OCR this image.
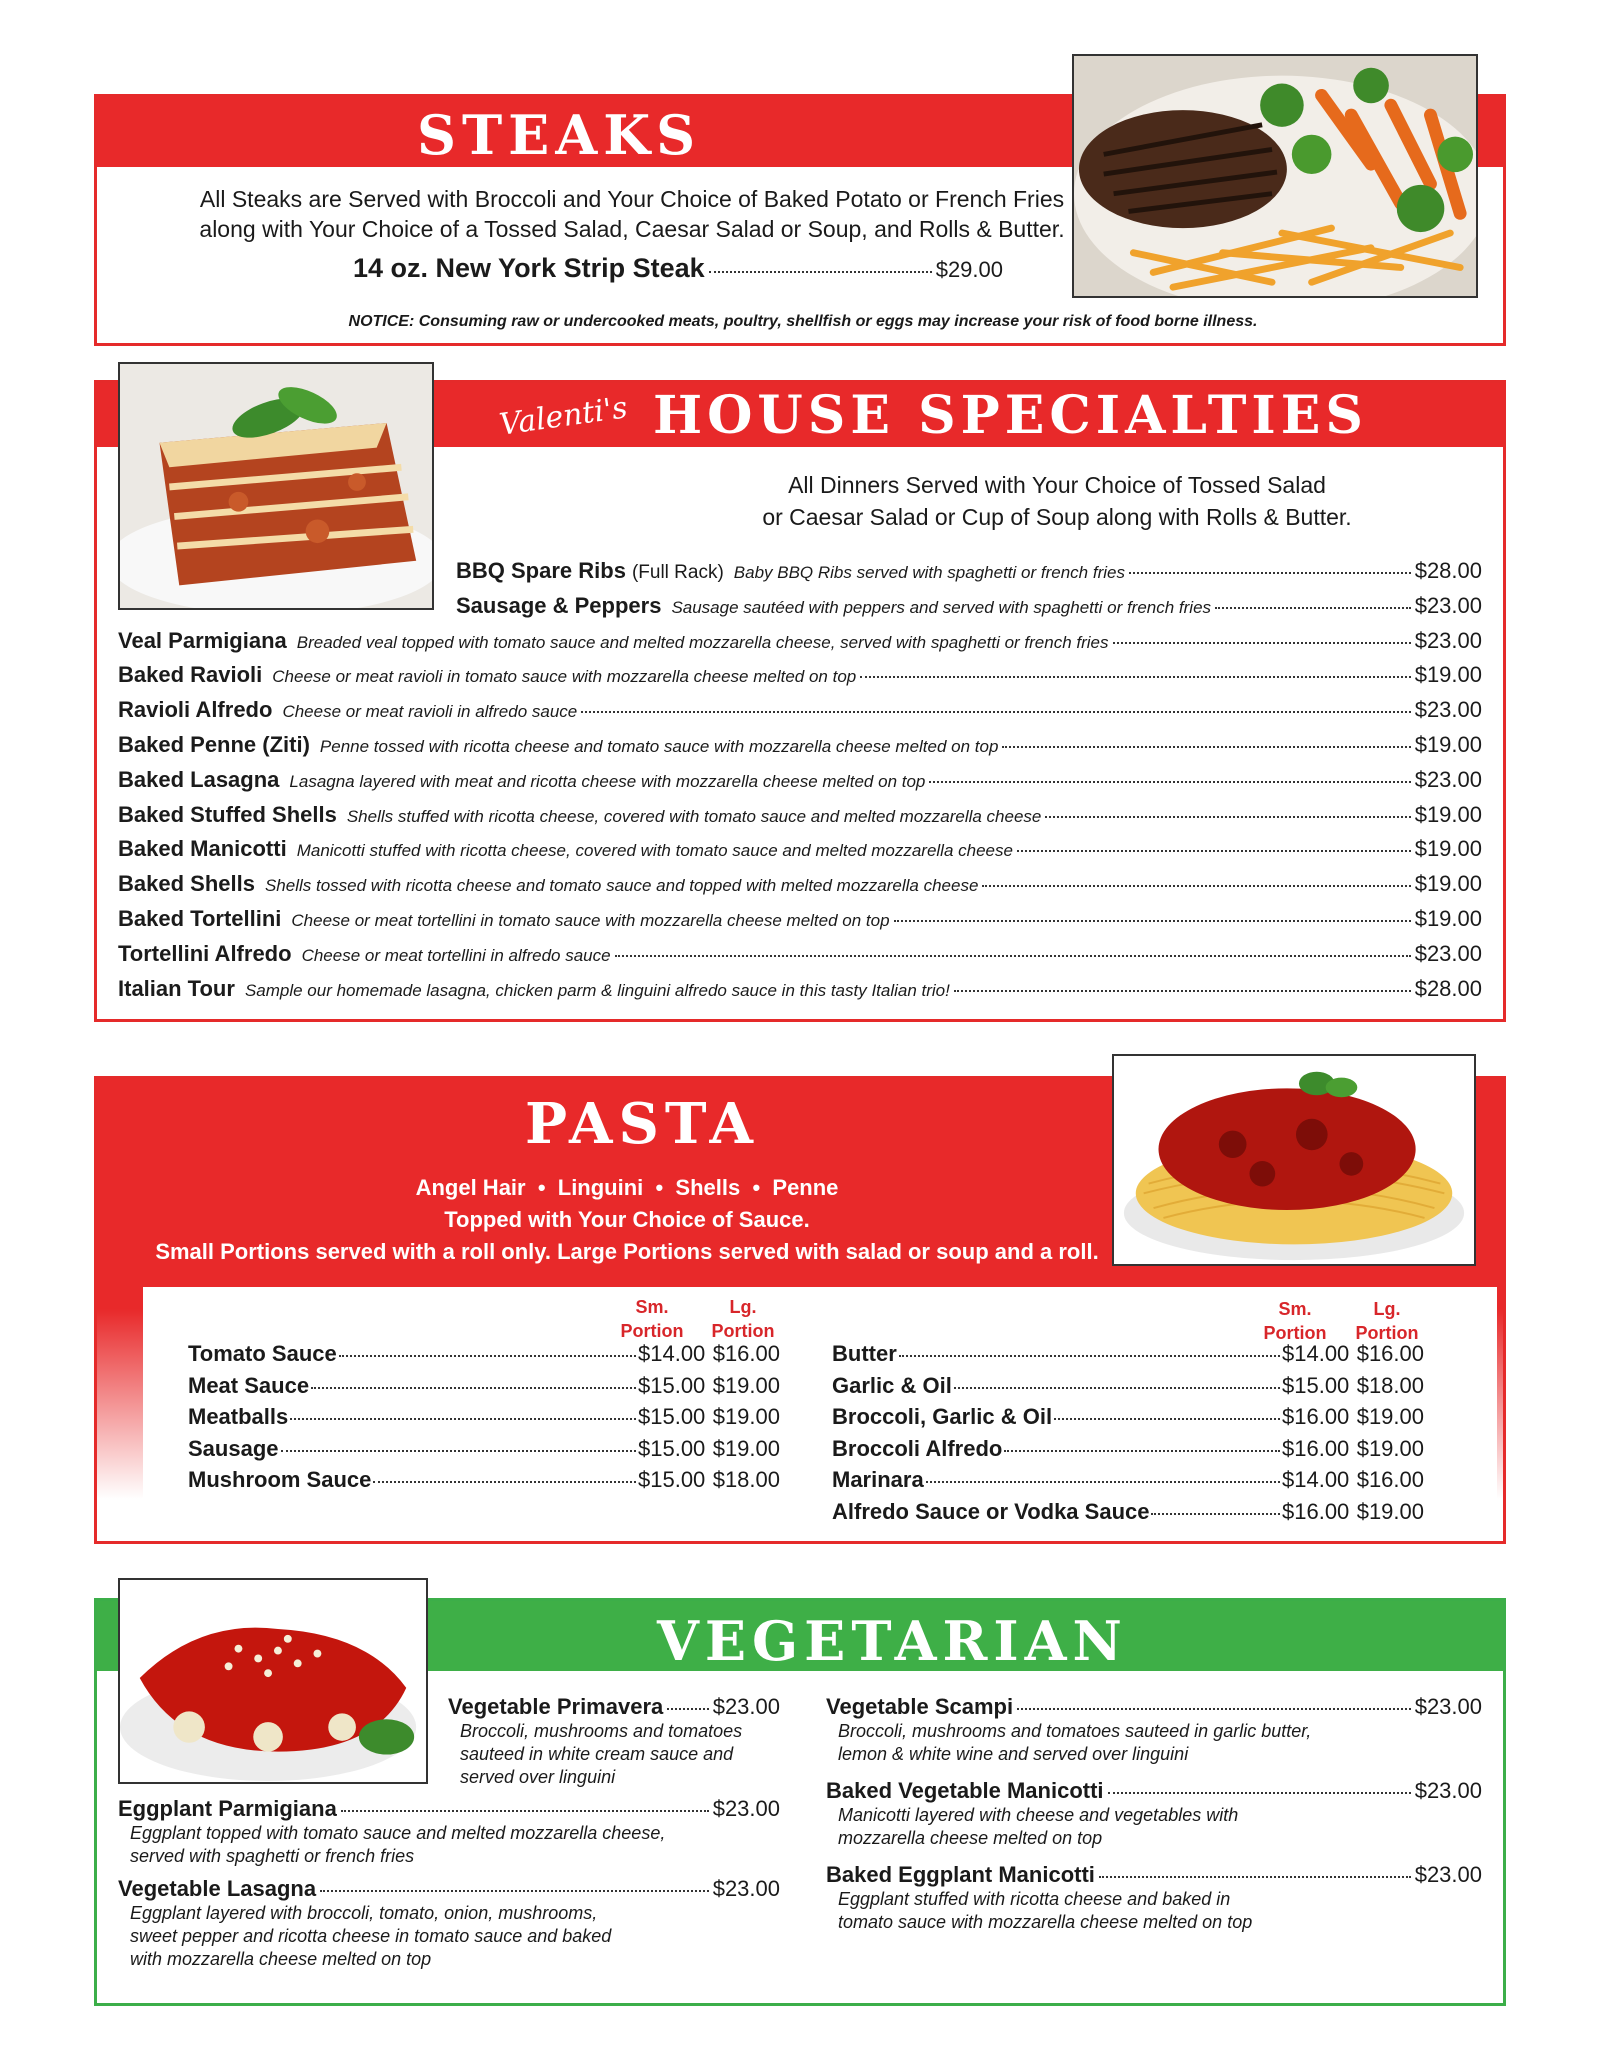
STEAKS
All Steaks are Served with Broccoli and Your Choice of Baked Potato or French Fries
along with Your Choice of a Tossed Salad, Caesar Salad or Soup, and Rolls & Butter.
14 oz. New York Strip Steak	$29.00
NOTICE: Consuming raw or undercooked meats, poultry, shellfish or eggs may increase your risk of food borne illness.
Valenti's HOUSE SPECIALTIES
All Dinners Served with Your Choice of Tossed Salad
or Caesar Salad or Cup of Soup along with Rolls & Butter.
BBQ Spare Ribs (Full Rack) Baby BBQ Ribs served with spaghetti or french fries	$28.00
Sausage & Peppers Sausage sautéed with peppers and served with spaghetti or french fries	$23.00
Veal Parmigiana Breaded veal topped with tomato sauce and melted mozzarella cheese, served with spaghetti or french fries	$23.00
Baked Ravioli Cheese or meat ravioli in tomato sauce with mozzarella cheese melted on top	$19.00
Ravioli Alfredo Cheese or meat ravioli in alfredo sauce	$23.00
Baked Penne (Ziti) Penne tossed with ricotta cheese and tomato sauce with mozzarella cheese melted on top	$19.00
Baked Lasagna Lasagna layered with meat and ricotta cheese with mozzarella cheese melted on top	$23.00
Baked Stuffed Shells Shells stuffed with ricotta cheese, covered with tomato sauce and melted mozzarella cheese	$19.00
Baked Manicotti Manicotti stuffed with ricotta cheese, covered with tomato sauce and melted mozzarella cheese	$19.00
Baked Shells Shells tossed with ricotta cheese and tomato sauce and topped with melted mozzarella cheese	$19.00
Baked Tortellini Cheese or meat tortellini in tomato sauce with mozzarella cheese melted on top	$19.00
Tortellini Alfredo Cheese or meat tortellini in alfredo sauce	$23.00
Italian Tour Sample our homemade lasagna, chicken parm & linguini alfredo sauce in this tasty Italian trio!	$28.00
PASTA
Angel Hair  •  Linguini  •  Shells  •  Penne
Topped with Your Choice of Sauce.
Small Portions served with a roll only. Large Portions served with salad or soup and a roll.
Sm.
Portion
Lg.
Portion
Sm.
Portion
Lg.
Portion
Tomato Sauce	$14.00 $16.00
Meat Sauce	$15.00 $19.00
Meatballs	$15.00 $19.00
Sausage	$15.00 $19.00
Mushroom Sauce	$15.00 $18.00
Butter	$14.00 $16.00
Garlic & Oil	$15.00 $18.00
Broccoli, Garlic & Oil	$16.00 $19.00
Broccoli Alfredo	$16.00 $19.00
Marinara	$14.00 $16.00
Alfredo Sauce or Vodka Sauce	$16.00 $19.00
VEGETARIAN
Vegetable Primavera $23.00
Broccoli, mushrooms and tomatoes
sauteed in white cream sauce and
served over linguini
Eggplant Parmigiana	$23.00
Eggplant topped with tomato sauce and melted mozzarella cheese,
served with spaghetti or french fries
Vegetable Lasagna	$23.00
Eggplant layered with broccoli, tomato, onion, mushrooms,
sweet pepper and ricotta cheese in tomato sauce and baked
with mozzarella cheese melted on top
Vegetable Scampi	$23.00
Broccoli, mushrooms and tomatoes sauteed in garlic butter,
lemon & white wine and served over linguini
Baked Vegetable Manicotti	$23.00
Manicotti layered with cheese and vegetables with
mozzarella cheese melted on top
Baked Eggplant Manicotti	$23.00
Eggplant stuffed with ricotta cheese and baked in
tomato sauce with mozzarella cheese melted on top
